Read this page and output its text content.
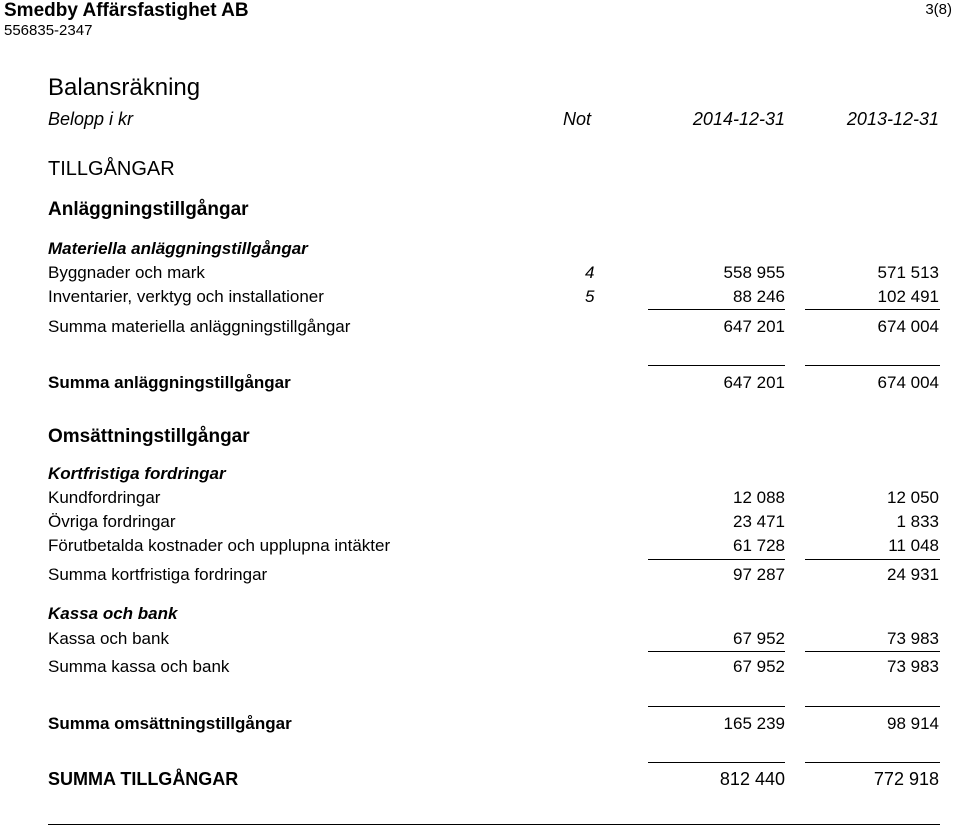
Smedby Affärsfastighet AB
556835-2347
3(8)
Balansräkning
Belopp i kr	Not	2014-12-31	2013-12-31
TILLGÅNGAR
Anläggningstillgångar
Materiella anläggningstillgångar
Byggnader och mark	4	558 955	571 513
Inventarier, verktyg och installationer	5	88 246	102 491
Summa materiella anläggningstillgångar	647 201	674 004
Summa anläggningstillgångar	647 201	674 004
Omsättningstillgångar
Kortfristiga fordringar
Kundfordringar	12 088	12 050
Övriga fordringar	23 471	1 833
Förutbetalda kostnader och upplupna intäkter	61 728	11 048
Summa kortfristiga fordringar	97 287	24 931
Kassa och bank
Kassa och bank	67 952	73 983
Summa kassa och bank	67 952	73 983
Summa omsättningstillgångar	165 239	98 914
SUMMA TILLGÅNGAR	812 440	772 918
